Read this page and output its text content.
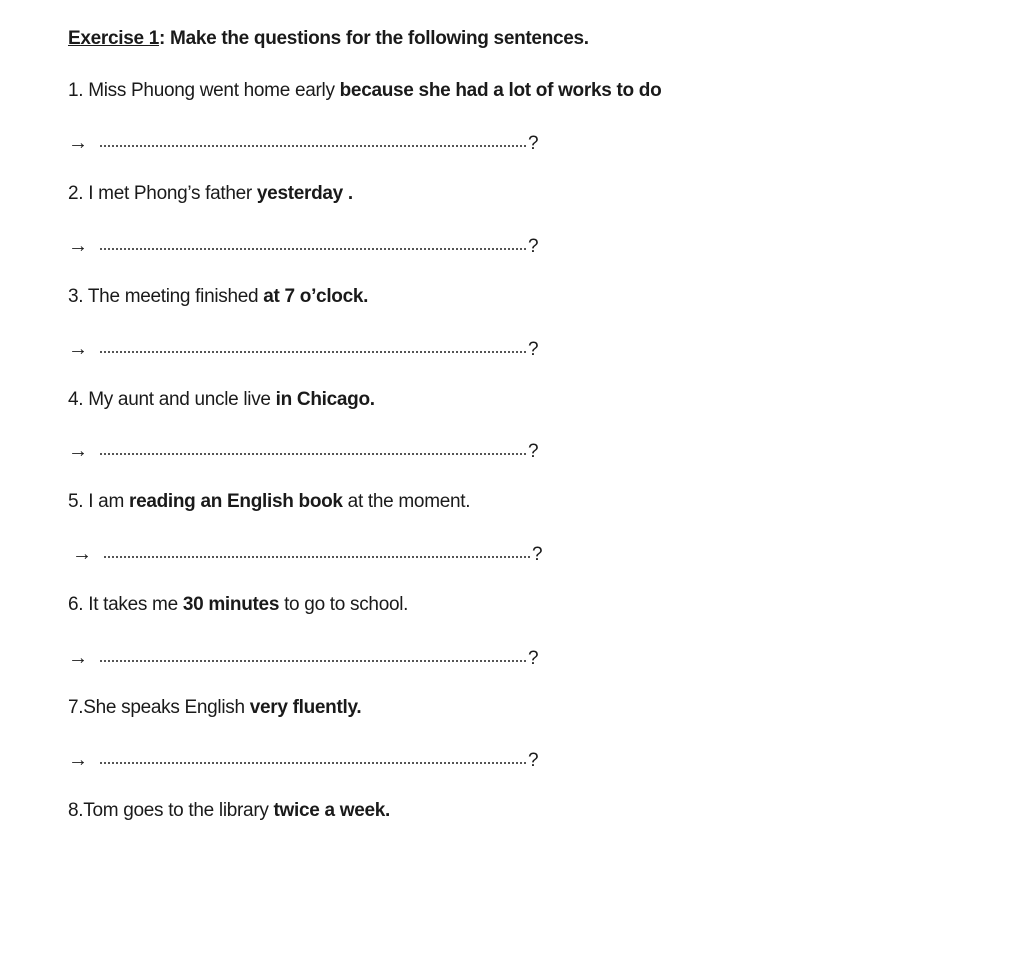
Exercise 1: Make the questions for the following sentences.
1. Miss Phuong went home early because she had a lot of works to do
→	?
2. I met Phong’s father yesterday .
→	?
3. The meeting finished at 7 o’clock.
→	?
4. My aunt and uncle live in Chicago.
→	?
5. I am reading an English book at the moment.
→	?
6. It takes me 30 minutes to go to school.
→	?
7.She speaks English very fluently.
→	?
8.Tom goes to the library twice a week.
